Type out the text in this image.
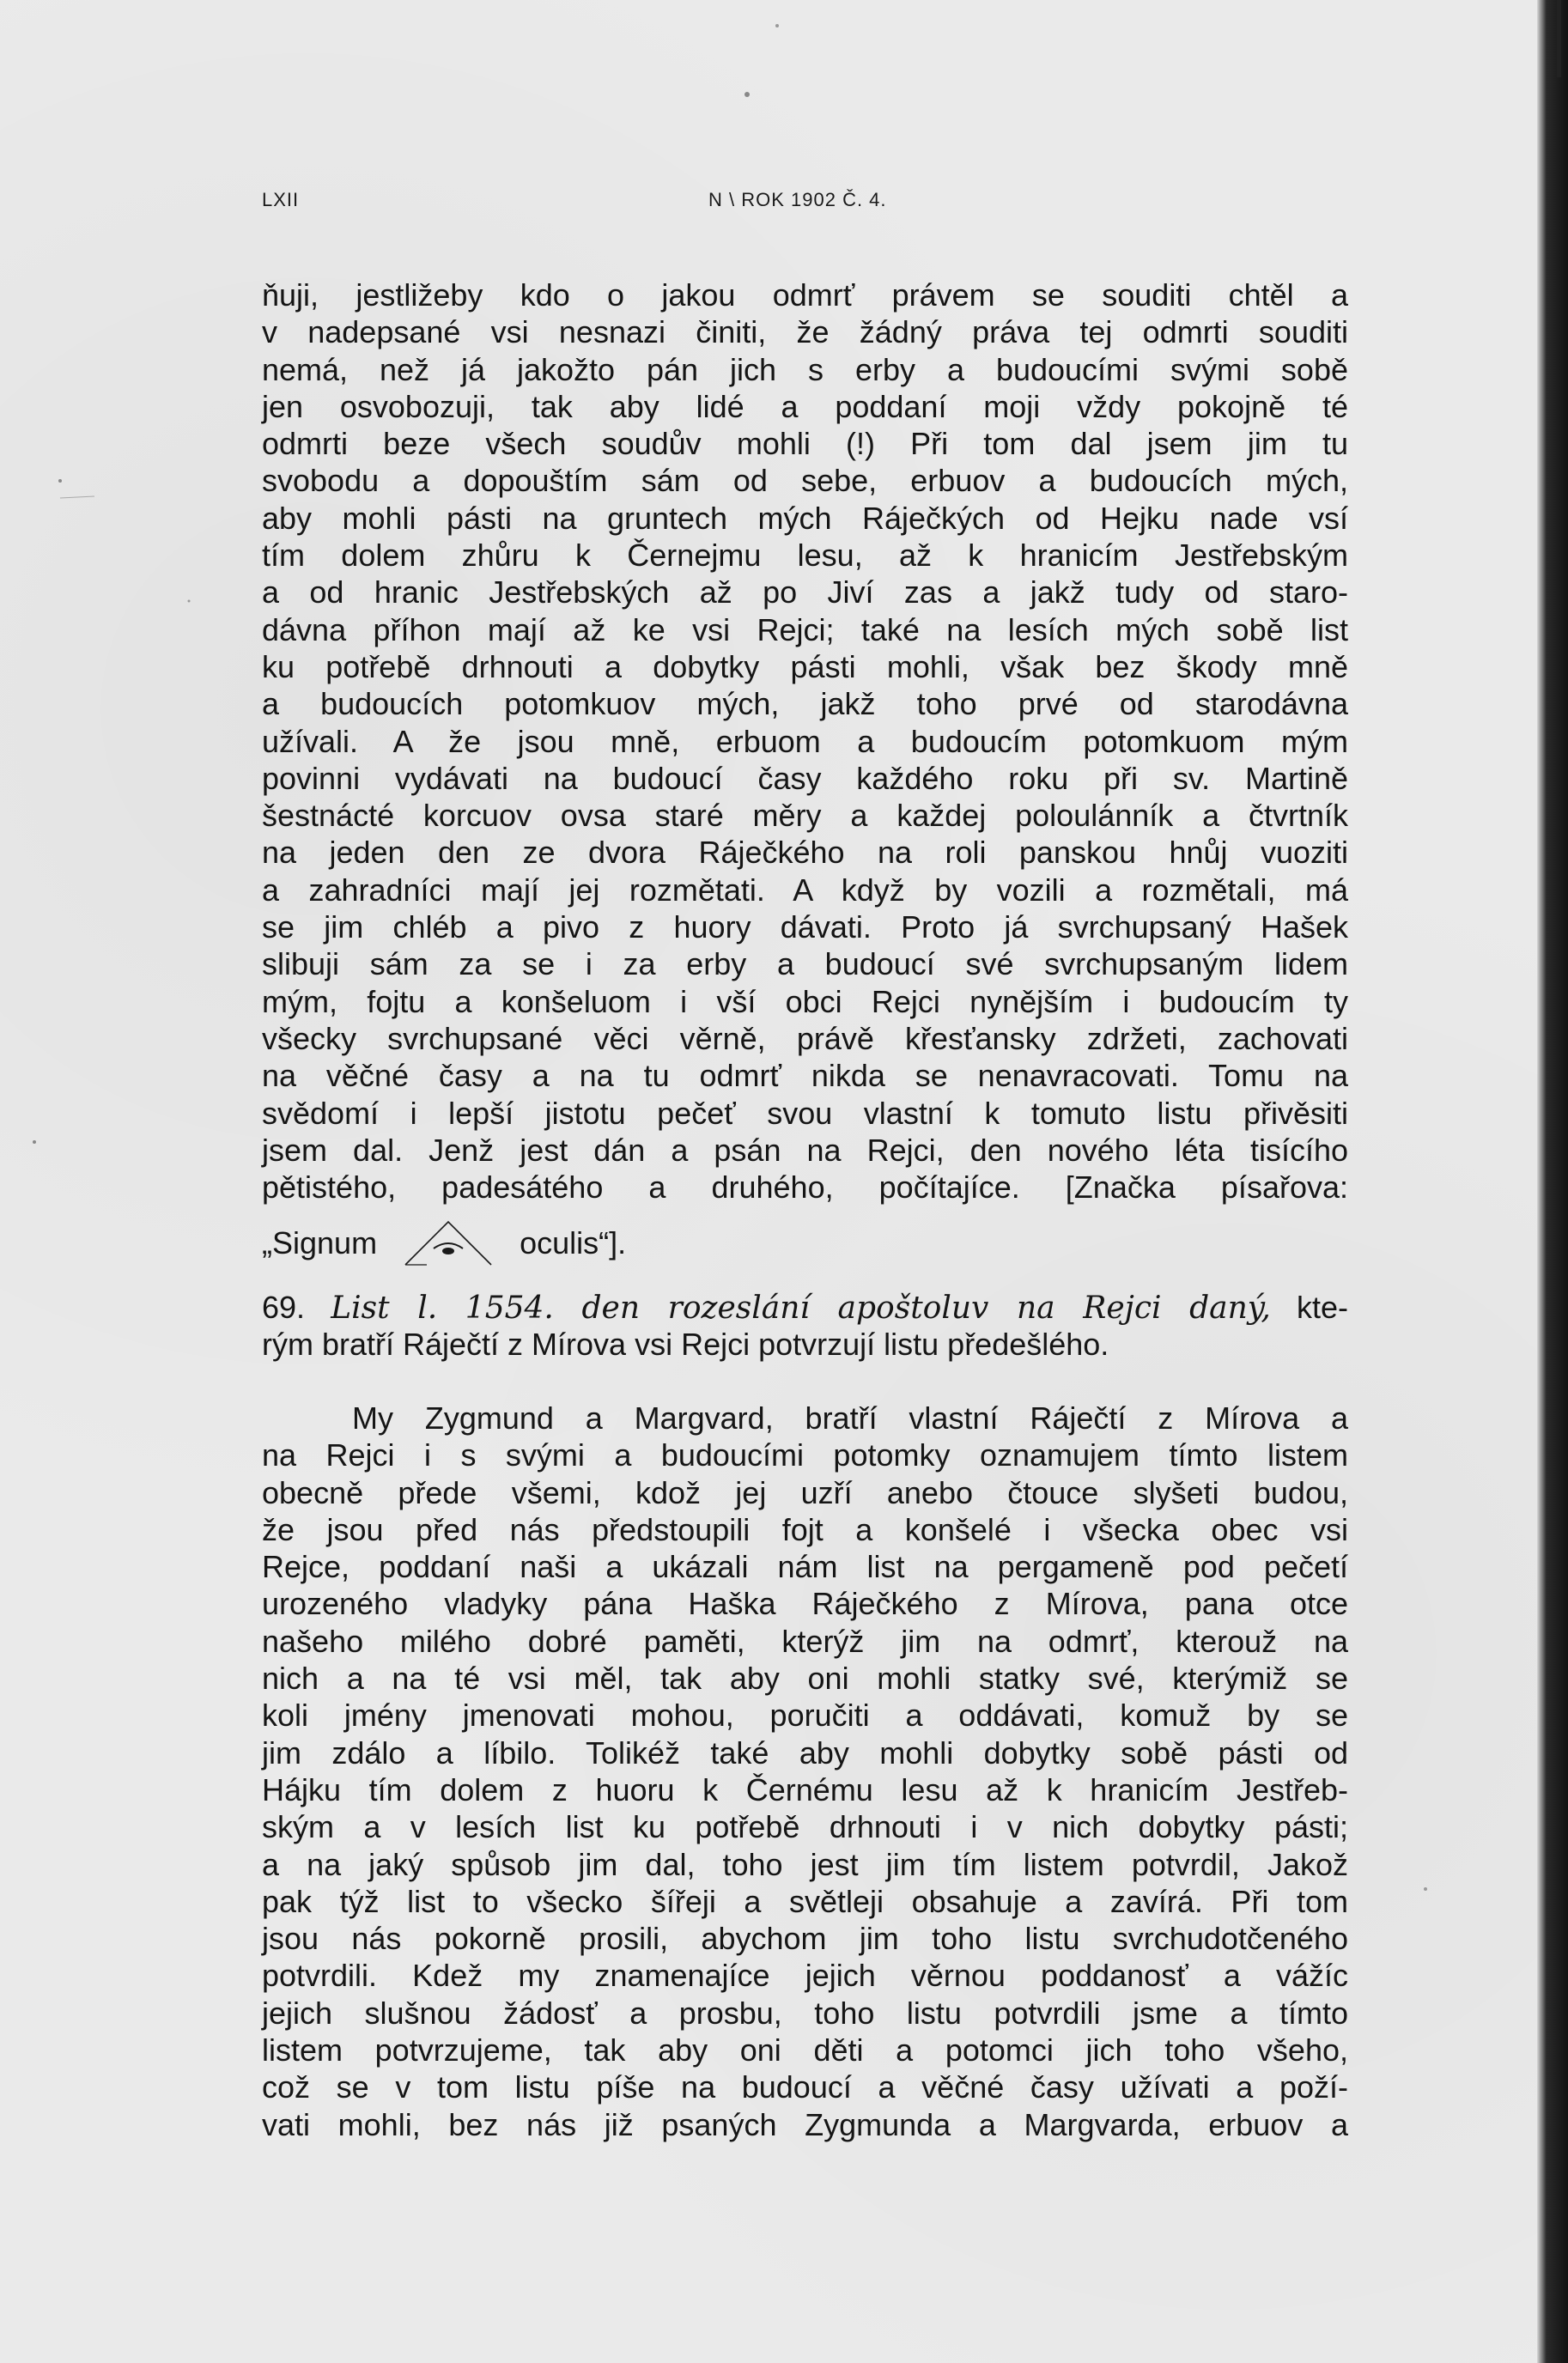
LXII	N \ ROK 1902 Č. 4.
ňuji, jestližeby kdo o jakou odmrť právem se souditi chtěl a
v nadepsané vsi nesnazi činiti, že žádný práva tej odmrti souditi
nemá, než já jakožto pán jich s erby a budoucími svými sobě
jen osvobozuji, tak aby lidé a poddaní moji vždy pokojně té
odmrti beze všech soudův mohli (!) Při tom dal jsem jim tu
svobodu a dopouštím sám od sebe, erbuov a budoucích mých,
aby mohli pásti na gruntech mých Ráječkých od Hejku nade vsí
tím dolem zhůru k Černejmu lesu, až k hranicím Jestřebským
a od hranic Jestřebských až po Jiví zas a jakž tudy od staro-
dávna příhon mají až ke vsi Rejci; také na lesích mých sobě list
ku potřebě drhnouti a dobytky pásti mohli, však bez škody mně
a budoucích potomkuov mých, jakž toho prvé od starodávna
užívali. A že jsou mně, erbuom a budoucím potomkuom mým
povinni vydávati na budoucí časy každého roku při sv. Martině
šestnácté korcuov ovsa staré měry a každej poloulánník a čtvrtník
na jeden den ze dvora Ráječkého na roli panskou hnůj vuoziti
a zahradníci mají jej rozmětati. A když by vozili a rozmětali, má
se jim chléb a pivo z huory dávati. Proto já svrchupsaný Hašek
slibuji sám za se i za erby a budoucí své svrchupsaným lidem
mým, fojtu a konšeluom i vší obci Rejci nynějším i budoucím ty
všecky svrchupsané věci věrně, právě křesťansky zdržeti, zachovati
na věčné časy a na tu odmrť nikda se nenavracovati. Tomu na
svědomí i lepší jistotu pečeť svou vlastní k tomuto listu přivěsiti
jsem dal. Jenž jest dán a psán na Rejci, den nového léta tisícího
pětistého, padesátého a druhého, počítajíce. [Značka písařova:
„Signum	oculis“].
69. List l. 1554. den rozeslání apoštoluv na Rejci daný, kte-
rým bratří Ráječtí z Mírova vsi Rejci potvrzují listu předešlého.
My Zygmund a Margvard, bratří vlastní Ráječtí z Mírova a
na Rejci i s svými a budoucími potomky oznamujem tímto listem
obecně přede všemi, kdož jej uzří anebo čtouce slyšeti budou,
že jsou před nás předstoupili fojt a konšelé i všecka obec vsi
Rejce, poddaní naši a ukázali nám list na pergameně pod pečetí
urozeného vladyky pána Haška Ráječkého z Mírova, pana otce
našeho milého dobré paměti, kterýž jim na odmrť, kterouž na
nich a na té vsi měl, tak aby oni mohli statky své, kterýmiž se
koli jmény jmenovati mohou, poručiti a oddávati, komuž by se
jim zdálo a líbilo. Tolikéž také aby mohli dobytky sobě pásti od
Hájku tím dolem z huoru k Černému lesu až k hranicím Jestřeb-
ským a v lesích list ku potřebě drhnouti i v nich dobytky pásti;
a na jaký spůsob jim dal, toho jest jim tím listem potvrdil, Jakož
pak týž list to všecko šířeji a světleji obsahuje a zavírá. Při tom
jsou nás pokorně prosili, abychom jim toho listu svrchudotčeného
potvrdili. Kdež my znamenajíce jejich věrnou poddanosť a vážíc
jejich slušnou žádosť a prosbu, toho listu potvrdili jsme a tímto
listem potvrzujeme, tak aby oni děti a potomci jich toho všeho,
což se v tom listu píše na budoucí a věčné časy užívati a poží-
vati mohli, bez nás již psaných Zygmunda a Margvarda, erbuov a
